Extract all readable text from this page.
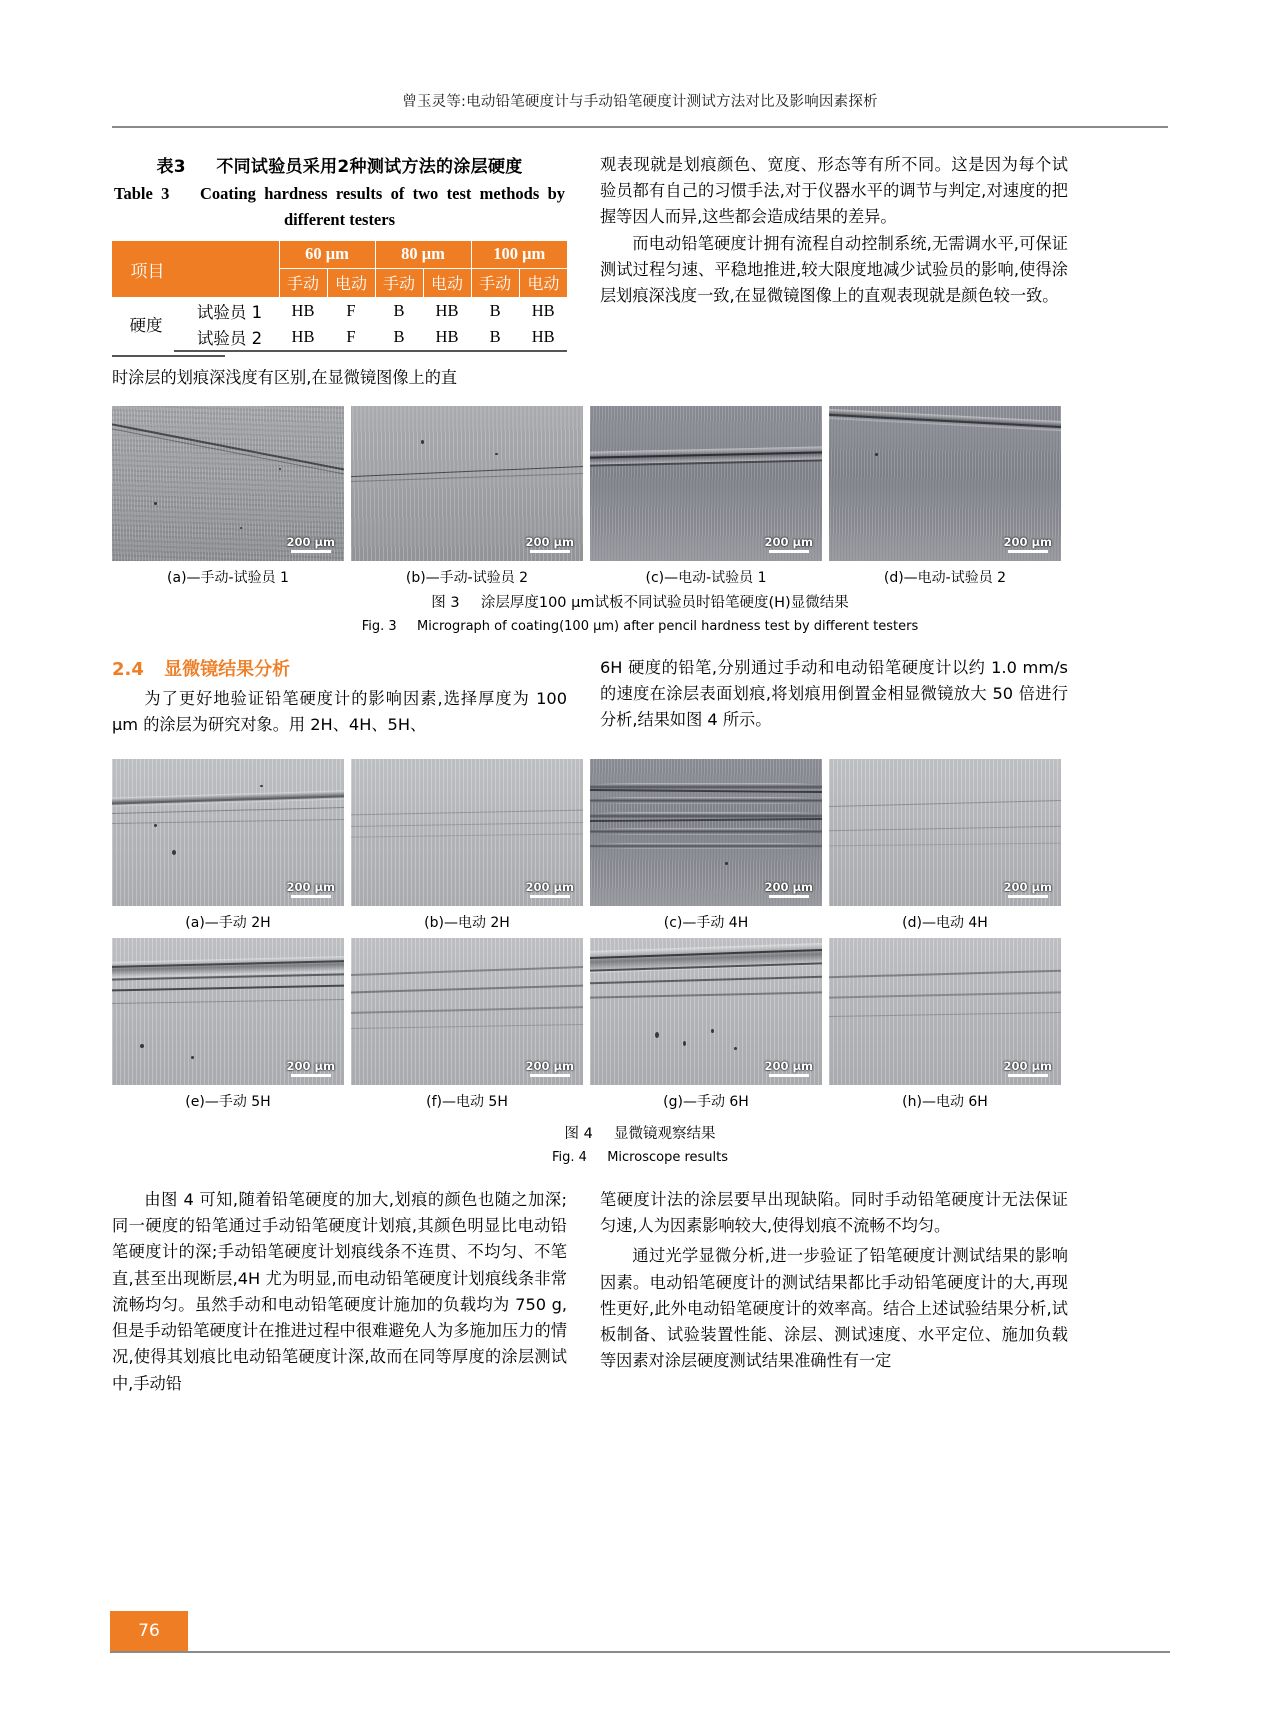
曾玉灵等:电动铅笔硬度计与手动铅笔硬度计测试方法对比及影响因素探析
表3 不同试验员采用2种测试方法的涂层硬度
Table 3 Coating hardness results of two test methods by different testers
项目		60 μm		80 μm		100 μm	
		手动	电动	手动	电动	手动	电动
硬度	试验员 1	HB	F	B	HB	B	HB
	试验员 2	HB	F	B	HB	B	HB

时涂层的划痕深浅度有区别,在显微镜图像上的直

观表现就是划痕颜色、宽度、形态等有所不同。这是因为每个试验员都有自己的习惯手法,对于仪器水平的调节与判定,对速度的把握等因人而异,这些都会造成结果的差异。

而电动铅笔硬度计拥有流程自动控制系统,无需调水平,可保证测试过程匀速、平稳地推进,较大限度地减少试验员的影响,使得涂层划痕深浅度一致,在显微镜图像上的直观表现就是颜色较一致。

200 μm
(a)—手动-试验员 1
200 μm
(b)—手动-试验员 2
200 μm
(c)—电动-试验员 1
200 μm
(d)—电动-试验员 2
图 3 涂层厚度100 μm试板不同试验员时铅笔硬度(H)显微结果
Fig. 3 Micrograph of coating(100 μm) after pencil hardness test by different testers
2.4 显微镜结果分析

为了更好地验证铅笔硬度计的影响因素,选择厚度为 100 μm 的涂层为研究对象。用 2H、4H、5H、

6H 硬度的铅笔,分别通过手动和电动铅笔硬度计以约 1.0 mm/s 的速度在涂层表面划痕,将划痕用倒置金相显微镜放大 50 倍进行分析,结果如图 4 所示。

200 μm
(a)—手动 2H
200 μm
(b)—电动 2H
200 μm
(c)—手动 4H
200 μm
(d)—电动 4H
200 μm
(e)—手动 5H
200 μm
(f)—电动 5H
200 μm
(g)—手动 6H
200 μm
(h)—电动 6H
图 4 显微镜观察结果
Fig. 4 Microscope results

由图 4 可知,随着铅笔硬度的加大,划痕的颜色也随之加深;同一硬度的铅笔通过手动铅笔硬度计划痕,其颜色明显比电动铅笔硬度计的深;手动铅笔硬度计划痕线条不连贯、不均匀、不笔直,甚至出现断层,4H 尤为明显,而电动铅笔硬度计划痕线条非常流畅均匀。虽然手动和电动铅笔硬度计施加的负载均为 750 g,但是手动铅笔硬度计在推进过程中很难避免人为多施加压力的情况,使得其划痕比电动铅笔硬度计深,故而在同等厚度的涂层测试中,手动铅

笔硬度计法的涂层要早出现缺陷。同时手动铅笔硬度计无法保证匀速,人为因素影响较大,使得划痕不流畅不均匀。

通过光学显微分析,进一步验证了铅笔硬度计测试结果的影响因素。电动铅笔硬度计的测试结果都比手动铅笔硬度计的大,再现性更好,此外电动铅笔硬度计的效率高。结合上述试验结果分析,试板制备、试验装置性能、涂层、测试速度、水平定位、施加负载等因素对涂层硬度测试结果准确性有一定

76
